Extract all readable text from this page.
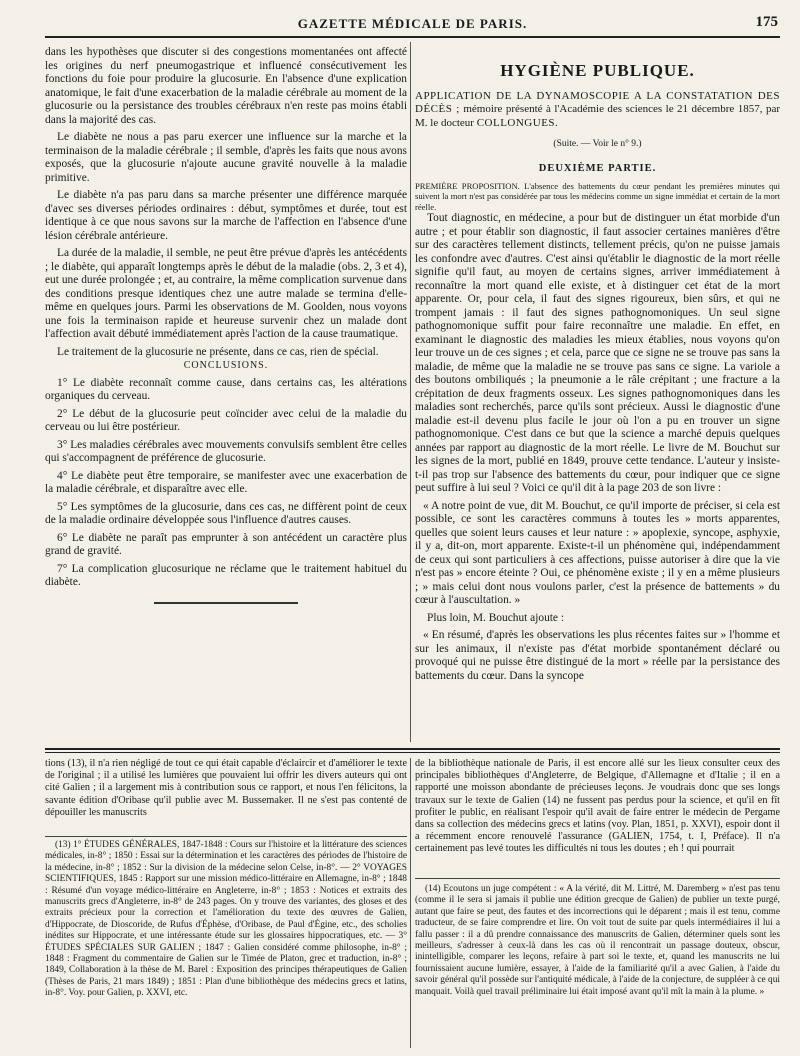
GAZETTE MÉDICALE DE PARIS.	175

dans les hypothèses que discuter si des congestions momentanées ont affecté les origines du nerf pneumogastrique et influencé consécutivement les fonctions du foie pour produire la glucosurie. En l'absence d'une explication anatomique, le fait d'une exacerbation de la maladie cérébrale au moment de la glucosurie ou la persistance des troubles cérébraux n'en reste pas moins établi dans la majorité des cas.

Le diabète ne nous a pas paru exercer une influence sur la marche et la terminaison de la maladie cérébrale ; il semble, d'après les faits que nous avons exposés, que la glucosurie n'ajoute aucune gravité nouvelle à la maladie primitive.

Le diabète n'a pas paru dans sa marche présenter une différence marquée d'avec ses diverses périodes ordinaires : début, symptômes et durée, tout est identique à ce que nous savons sur la marche de l'affection en l'absence d'une lésion cérébrale antérieure.

La durée de la maladie, il semble, ne peut être prévue d'après les antécédents ; le diabète, qui apparaît longtemps après le début de la maladie (obs. 2, 3 et 4), eut une durée prolongée ; et, au contraire, la même complication survenue dans des conditions presque identiques chez une autre malade se termina d'elle-même en quelques jours. Parmi les observations de M. Goolden, nous voyons une fois la terminaison rapide et heureuse survenir chez un malade dont l'affection avait débuté immédiatement après l'action de la cause traumatique.

Le traitement de la glucosurie ne présente, dans ce cas, rien de spécial.

CONCLUSIONS.

1° Le diabète reconnaît comme cause, dans certains cas, les altérations organiques du cerveau.

2° Le début de la glucosurie peut coïncider avec celui de la maladie du cerveau ou lui être postérieur.

3° Les maladies cérébrales avec mouvements convulsifs semblent être celles qui s'accompagnent de préférence de glucosurie.

4° Le diabète peut être temporaire, se manifester avec une exacerbation de la maladie cérébrale, et disparaître avec elle.

5° Les symptômes de la glucosurie, dans ces cas, ne diffèrent point de ceux de la maladie ordinaire développée sous l'influence d'autres causes.

6° Le diabète ne paraît pas emprunter à son antécédent un caractère plus grand de gravité.

7° La complication glucosurique ne réclame que le traitement habituel du diabète.

HYGIÈNE PUBLIQUE.
APPLICATION DE LA DYNAMOSCOPIE A LA CONSTATATION DES DÉCÈS ; mémoire présenté à l'Académie des sciences le 21 décembre 1857, par M. le docteur COLLONGUES.
(Suite. — Voir le n° 9.)
DEUXIÈME PARTIE.

PREMIÈRE PROPOSITION. L'absence des battements du cœur pendant les premières minutes qui suivent la mort n'est pas considérée par tous les médecins comme un signe immédiat et certain de la mort réelle.

Tout diagnostic, en médecine, a pour but de distinguer un état morbide d'un autre ; et pour établir son diagnostic, il faut associer certaines manières d'être sur des caractères tellement distincts, tellement précis, qu'on ne puisse jamais les confondre avec d'autres. C'est ainsi qu'établir le diagnostic de la mort réelle signifie qu'il faut, au moyen de certains signes, arriver immédiatement à reconnaître la mort quand elle existe, et à distinguer cet état de la mort apparente. Or, pour cela, il faut des signes rigoureux, bien sûrs, et qui ne trompent jamais : il faut des signes pathognomoniques. Un seul signe pathognomonique suffit pour faire reconnaître une maladie. En effet, en examinant le diagnostic des maladies les mieux établies, nous voyons qu'on leur trouve un de ces signes ; et cela, parce que ce signe ne se trouve pas sans la maladie, de même que la maladie ne se trouve pas sans ce signe. La variole a des boutons ombiliqués ; la pneumonie a le râle crépitant ; une fracture a la crépitation de deux fragments osseux. Les signes pathognomoniques dans les maladies sont recherchés, parce qu'ils sont précieux. Aussi le diagnostic d'une maladie est-il devenu plus facile le jour où l'on a pu en trouver un signe pathognomonique. C'est dans ce but que la science a marché depuis quelques années par rapport au diagnostic de la mort réelle. Le livre de M. Bouchut sur les signes de la mort, publié en 1849, prouve cette tendance. L'auteur y insiste-t-il pas trop sur l'absence des battements du cœur, pour indiquer que ce signe peut suffire à lui seul ? Voici ce qu'il dit à la page 203 de son livre :

« A notre point de vue, dit M. Bouchut, ce qu'il importe de préciser, si cela est possible, ce sont les caractères communs à toutes les » morts apparentes, quelles que soient leurs causes et leur nature : » apoplexie, syncope, asphyxie, il y a, dit-on, mort apparente. Existe-t-il un phénomène qui, indépendamment de ceux qui sont particuliers à ces affections, puisse autoriser à dire que la vie n'est pas » encore éteinte ? Oui, ce phénomène existe ; il y en a même plusieurs ; » mais celui dont nous voulons parler, c'est la présence de battements » du cœur à l'auscultation. »

Plus loin, M. Bouchut ajoute :

« En résumé, d'après les observations les plus récentes faites sur » l'homme et sur les animaux, il n'existe pas d'état morbide spontanément déclaré ou provoqué qui ne puisse être distingué de la mort » réelle par la persistance des battements du cœur. Dans la syncope

tions (13), il n'a rien négligé de tout ce qui était capable d'éclaircir et d'améliorer le texte de l'original ; il a utilisé les lumières que pouvaient lui offrir les divers auteurs qui ont cité Galien ; il a largement mis à contribution sous ce rapport, et nous l'en félicitons, la savante édition d'Oribase qu'il publie avec M. Bussemaker. Il ne s'est pas contenté de dépouiller les manuscrits

(13) 1° ÉTUDES GÉNÉRALES, 1847-1848 : Cours sur l'histoire et la littérature des sciences médicales, in-8° ; 1850 : Essai sur la détermination et les caractères des périodes de l'histoire de la médecine, in-8° ; 1852 : Sur la division de la médecine selon Celse, in-8°. — 2° VOYAGES SCIENTIFIQUES, 1845 : Rapport sur une mission médico-littéraire en Allemagne, in-8° ; 1848 : Résumé d'un voyage médico-littéraire en Angleterre, in-8° ; 1853 : Notices et extraits des manuscrits grecs d'Angleterre, in-8° de 243 pages. On y trouve des variantes, des gloses et des extraits précieux pour la correction et l'amélioration du texte des œuvres de Galien, d'Hippocrate, de Dioscoride, de Rufus d'Éphèse, d'Oribase, de Paul d'Égine, etc., des scholies inédites sur Hippocrate, et une intéressante étude sur les glossaires hippocratiques, etc. — 3° ÉTUDES SPÉCIALES SUR GALIEN ; 1847 : Galien considéré comme philosophe, in-8° ; 1848 : Fragment du commentaire de Galien sur le Timée de Platon, grec et traduction, in-8° ; 1849, Collaboration à la thèse de M. Barel : Exposition des principes thérapeutiques de Galien (Thèses de Paris, 21 mars 1849) ; 1851 : Plan d'une bibliothèque des médecins grecs et latins, in-8°. Voy. pour Galien, p. XXVI, etc.

de la bibliothèque nationale de Paris, il est encore allé sur les lieux consulter ceux des principales bibliothèques d'Angleterre, de Belgique, d'Allemagne et d'Italie ; il en a rapporté une moisson abondante de précieuses leçons. Je voudrais donc que ses longs travaux sur le texte de Galien (14) ne fussent pas perdus pour la science, et qu'il en fît profiter le public, en réalisant l'espoir qu'il avait de faire entrer le médecin de Pergame dans sa collection des médecins grecs et latins (voy. Plan, 1851, p. XXVI), espoir dont il a récemment encore renouvelé l'assurance (GALIEN, 1754, t. I, Préface). Il n'a certainement pas levé toutes les difficultés ni tous les doutes ; eh ! qui pourrait

(14) Ecoutons un juge compétent : « A la vérité, dit M. Littré, M. Daremberg » n'est pas tenu (comme il le sera si jamais il publie une édition grecque de Galien) de publier un texte purgé, autant que faire se peut, des fautes et des incorrections qui le déparent ; mais il est tenu, comme traducteur, de se faire comprendre et lire. On voit tout de suite par quels intermédiaires il lui a fallu passer : il a dû prendre connaissance des manuscrits de Galien, déterminer quels sont les meilleurs, s'adresser à ceux-là dans les cas où il rencontrait un passage douteux, obscur, inintelligible, comparer les leçons, refaire à part soi le texte, et, quand les manuscrits ne lui fournissaient aucune lumière, essayer, à l'aide de la familiarité qu'il a avec Galien, à l'aide du savoir général qu'il possède sur l'antiquité médicale, à l'aide de la conjecture, de suppléer à ce qui manquait. Voilà quel travail préliminaire lui était imposé avant qu'il mît la main à la plume. »
